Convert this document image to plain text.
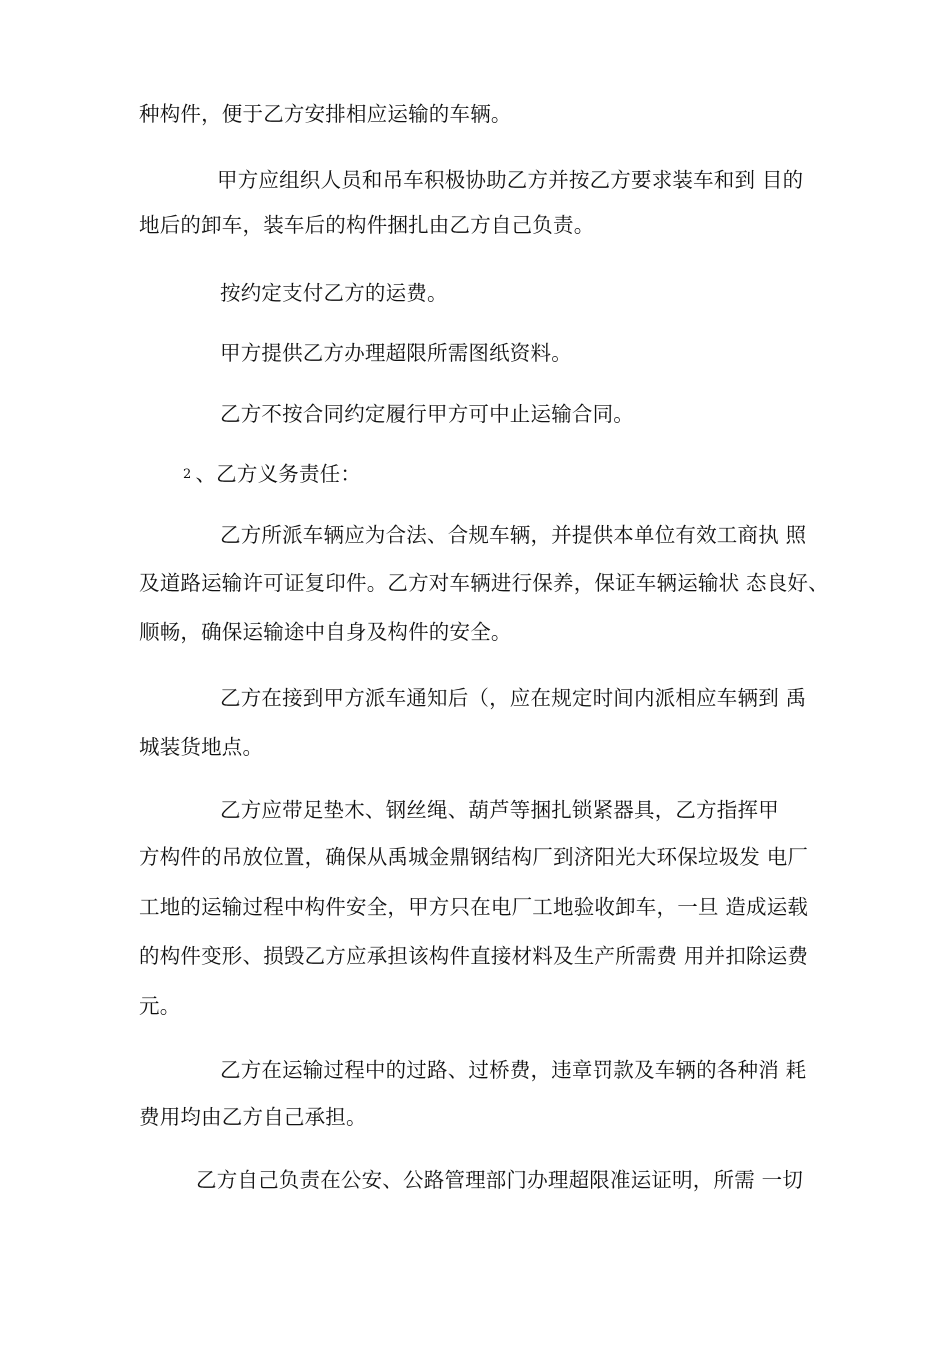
种构件，便于乙方安排相应运输的车辆。
甲方应组织人员和吊车积极协助乙方并按乙方要求装车和到 目的
地后的卸车，装车后的构件捆扎由乙方自己负责。
按约定支付乙方的运费。
甲方提供乙方办理超限所需图纸资料。
乙方不按合同约定履行甲方可中止运输合同。
2 、乙方义务责任：
乙方所派车辆应为合法、合规车辆，并提供本单位有效工商执 照
及道路运输许可证复印件。乙方对车辆进行保养，保证车辆运输状 态良好、
顺畅，确保运输途中自身及构件的安全。
乙方在接到甲方派车通知后（，应在规定时间内派相应车辆到 禹
城装货地点。
乙方应带足垫木、钢丝绳、葫芦等捆扎锁紧器具，乙方指挥甲
方构件的吊放位置，确保从禹城金鼎钢结构厂到济阳光大环保垃圾发 电厂
工地的运输过程中构件安全，甲方只在电厂工地验收卸车，一旦 造成运载
的构件变形、损毁乙方应承担该构件直接材料及生产所需费 用并扣除运费
元。
乙方在运输过程中的过路、过桥费，违章罚款及车辆的各种消 耗
费用均由乙方自己承担。
乙方自己负责在公安、公路管理部门办理超限准运证明，所需 一切
